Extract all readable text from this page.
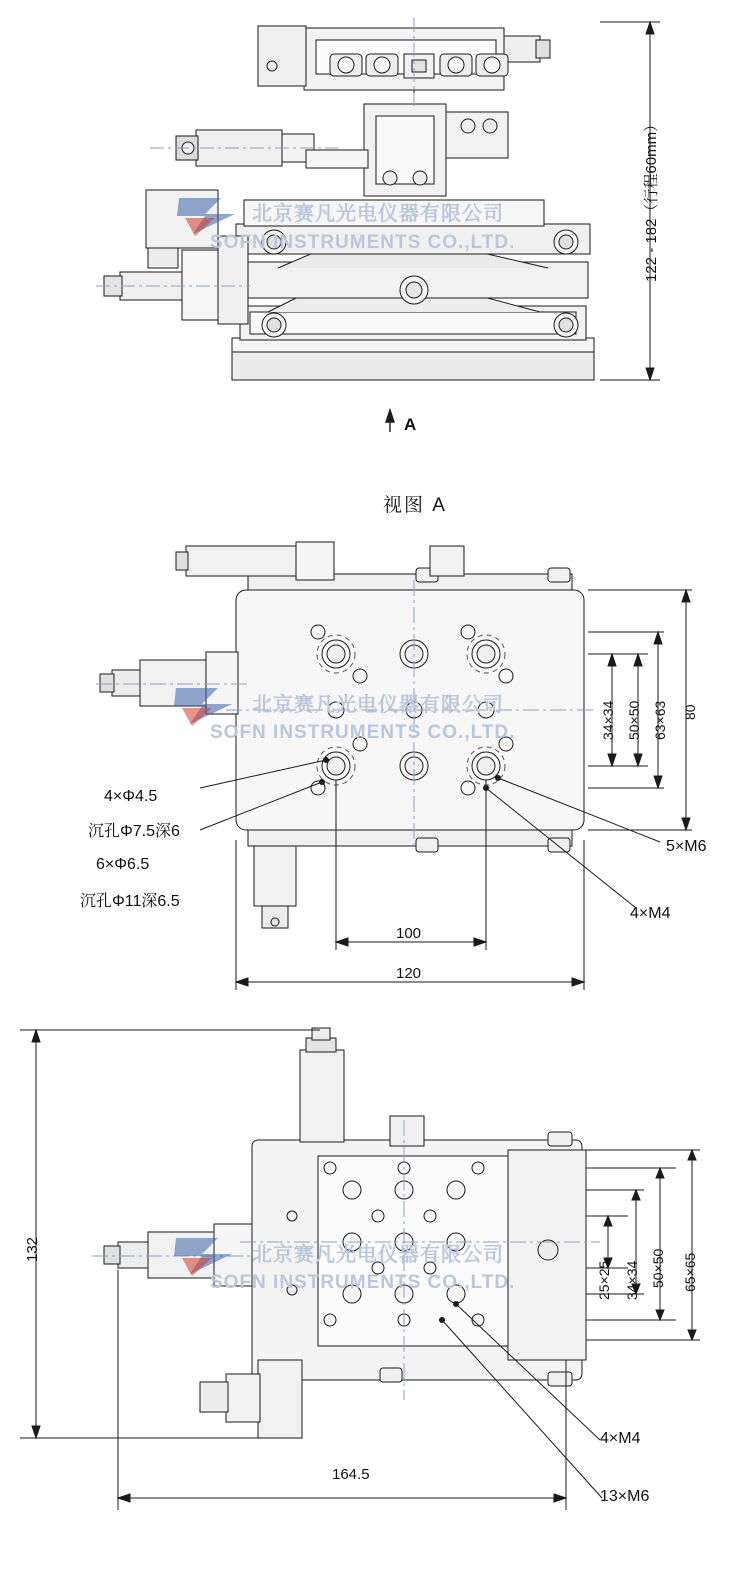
122 - 182（行程60mm）
A
视图 A
北京赛凡光电仪器有限公司
SOFN INSTRUMENTS CO.,LTD.
34×34 50×50 63×63 80
100
120
4×Φ4.5
沉孔Φ7.5深6
6×Φ6.5
沉孔Φ11深6.5
5×M6
4×M4
北京赛凡光电仪器有限公司
SOFN INSTRUMENTS CO.,LTD.
132
25×25 34×34 50×50 65×65
164.5
4×M4
13×M6
北京赛凡光电仪器有限公司
SOFN INSTRUMENTS CO.,LTD.
